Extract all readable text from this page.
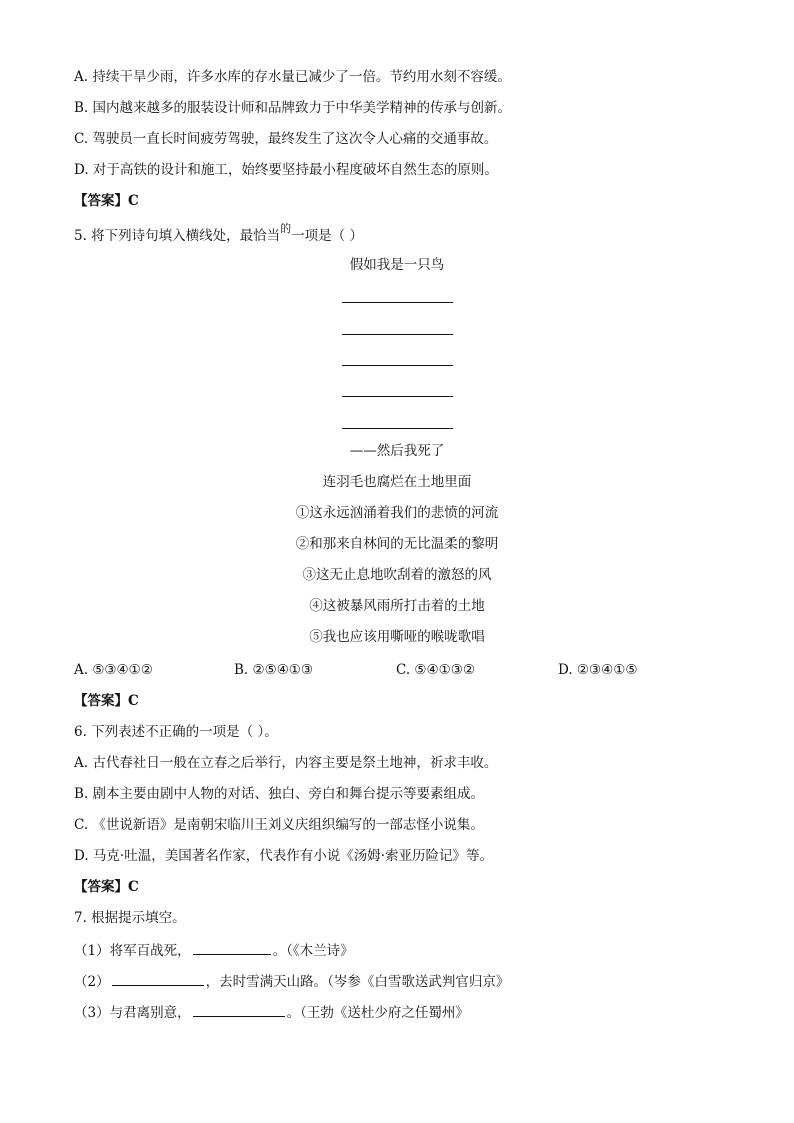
A. 持续干旱少雨，许多水库的存水量已减少了一倍。节约用水刻不容缓。
B. 国内越来越多的服装设计师和品牌致力于中华美学精神的传承与创新。
C. 驾驶员一直长时间疲劳驾驶，最终发生了这次令人心痛的交通事故。
D. 对于高铁的设计和施工，始终要坚持最小程度破坏自然生态的原则。
【答案】C
5. 将下列诗句填入横线处，最恰当$^的$一项是（ ）
假如我是一只鸟
——然后我死了
连羽毛也腐烂在土地里面
①这永远汹涌着我们的悲愤的河流
②和那来自林间的无比温柔的黎明
③这无止息地吹刮着的激怒的风
④这被暴风雨所打击着的土地
⑤我也应该用嘶哑的喉咙歌唱
A. ⑤③④①②	B. ②⑤④①③	C. ⑤④①③②	D. ②③④①⑤
【答案】C
6. 下列表述不正确的一项是（ ）。
A. 古代春社日一般在立春之后举行，内容主要是祭土地神，祈求丰收。
B. 剧本主要由剧中人物的对话、独白、旁白和舞台提示等要素组成。
C. 《世说新语》是南朝宋临川王刘义庆组织编写的一部志怪小说集。
D. 马克·吐温，美国著名作家，代表作有小说《汤姆·索亚历险记》等。
【答案】C
7. 根据提示填空。
（1）将军百战死，	。（《木兰诗》
（2）	，去时雪满天山路。（岑参《白雪歌送武判官归京》
（3）与君离别意，	。（王勃《送杜少府之任蜀州》
